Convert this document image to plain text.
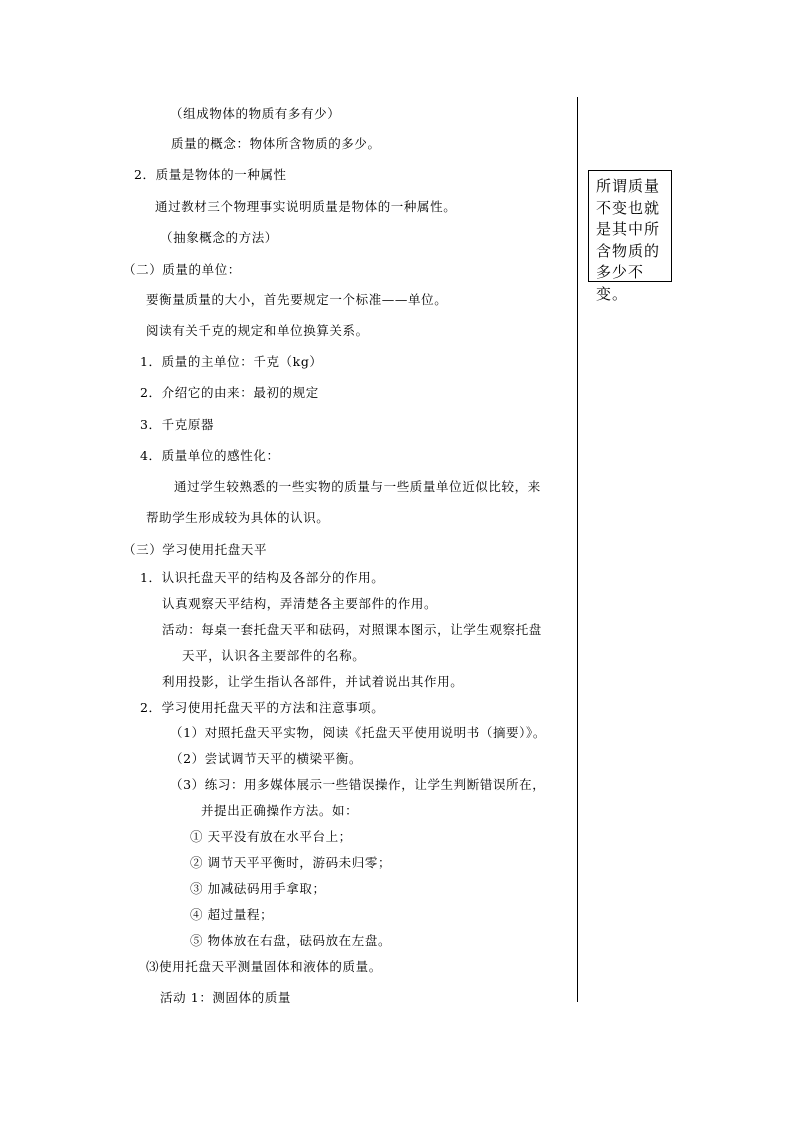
（组成物体的物质有多有少）
质量的概念：物体所含物质的多少。
2．质量是物体的一种属性
通过教材三个物理事实说明质量是物体的一种属性。
（抽象概念的方法）
（二）质量的单位：
要衡量质量的大小，首先要规定一个标准——单位。
阅读有关千克的规定和单位换算关系。
1．质量的主单位：千克（kg）
2．介绍它的由来：最初的规定
3．千克原器
4．质量单位的感性化：
通过学生较熟悉的一些实物的质量与一些质量单位近似比较，来
帮助学生形成较为具体的认识。
（三）学习使用托盘天平
1．认识托盘天平的结构及各部分的作用。
认真观察天平结构，弄清楚各主要部件的作用。
活动：每桌一套托盘天平和砝码，对照课本图示，让学生观察托盘
天平，认识各主要部件的名称。
利用投影，让学生指认各部件，并试着说出其作用。
2．学习使用托盘天平的方法和注意事项。
（1）对照托盘天平实物，阅读《托盘天平使用说明书（摘要）》。
（2）尝试调节天平的横梁平衡。
（3）练习：用多媒体展示一些错误操作，让学生判断错误所在，
并提出正确操作方法。如：
① 天平没有放在水平台上；
② 调节天平平衡时，游码未归零；
③ 加减砝码用手拿取；
④ 超过量程；
⑤ 物体放在右盘，砝码放在左盘。
⑶使用托盘天平测量固体和液体的质量。
活动 1：测固体的质量
所谓质量不变也就是其中所含物质的多少不变。
